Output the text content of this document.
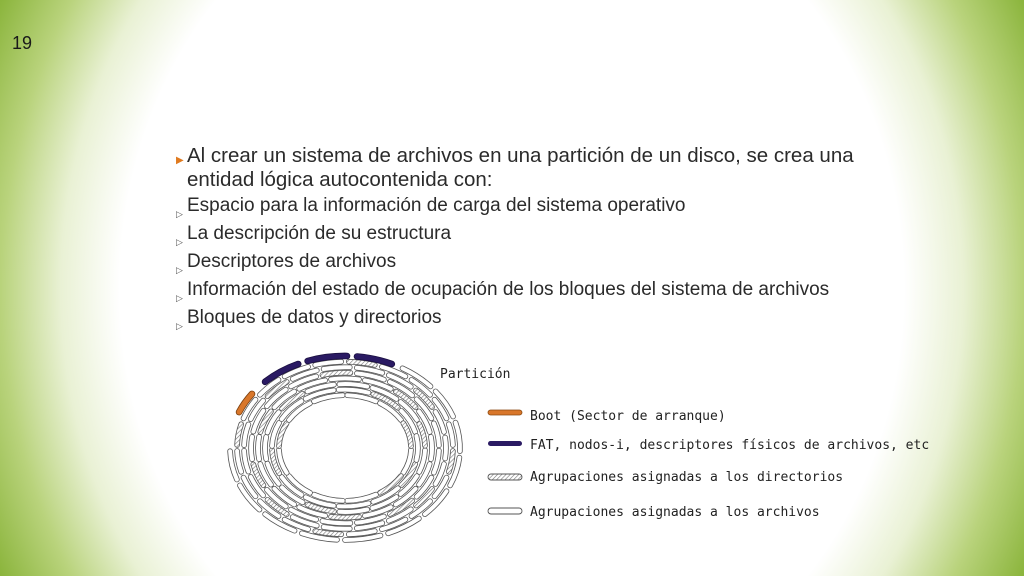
19
▶ Al crear un sistema de archivos en una partición de un disco, se crea una entidad lógica autocontenida con:
▷ Espacio para la información de carga del sistema operativo
▷ La descripción de su estructura
▷ Descriptores de archivos
▷ Información del estado de ocupación de los bloques del sistema de archivos
▷ Bloques de datos y directorios
Partición
Boot (Sector de arranque)
FAT, nodos-i, descriptores físicos de archivos, etc
Agrupaciones asignadas a los directorios
Agrupaciones asignadas a los archivos
